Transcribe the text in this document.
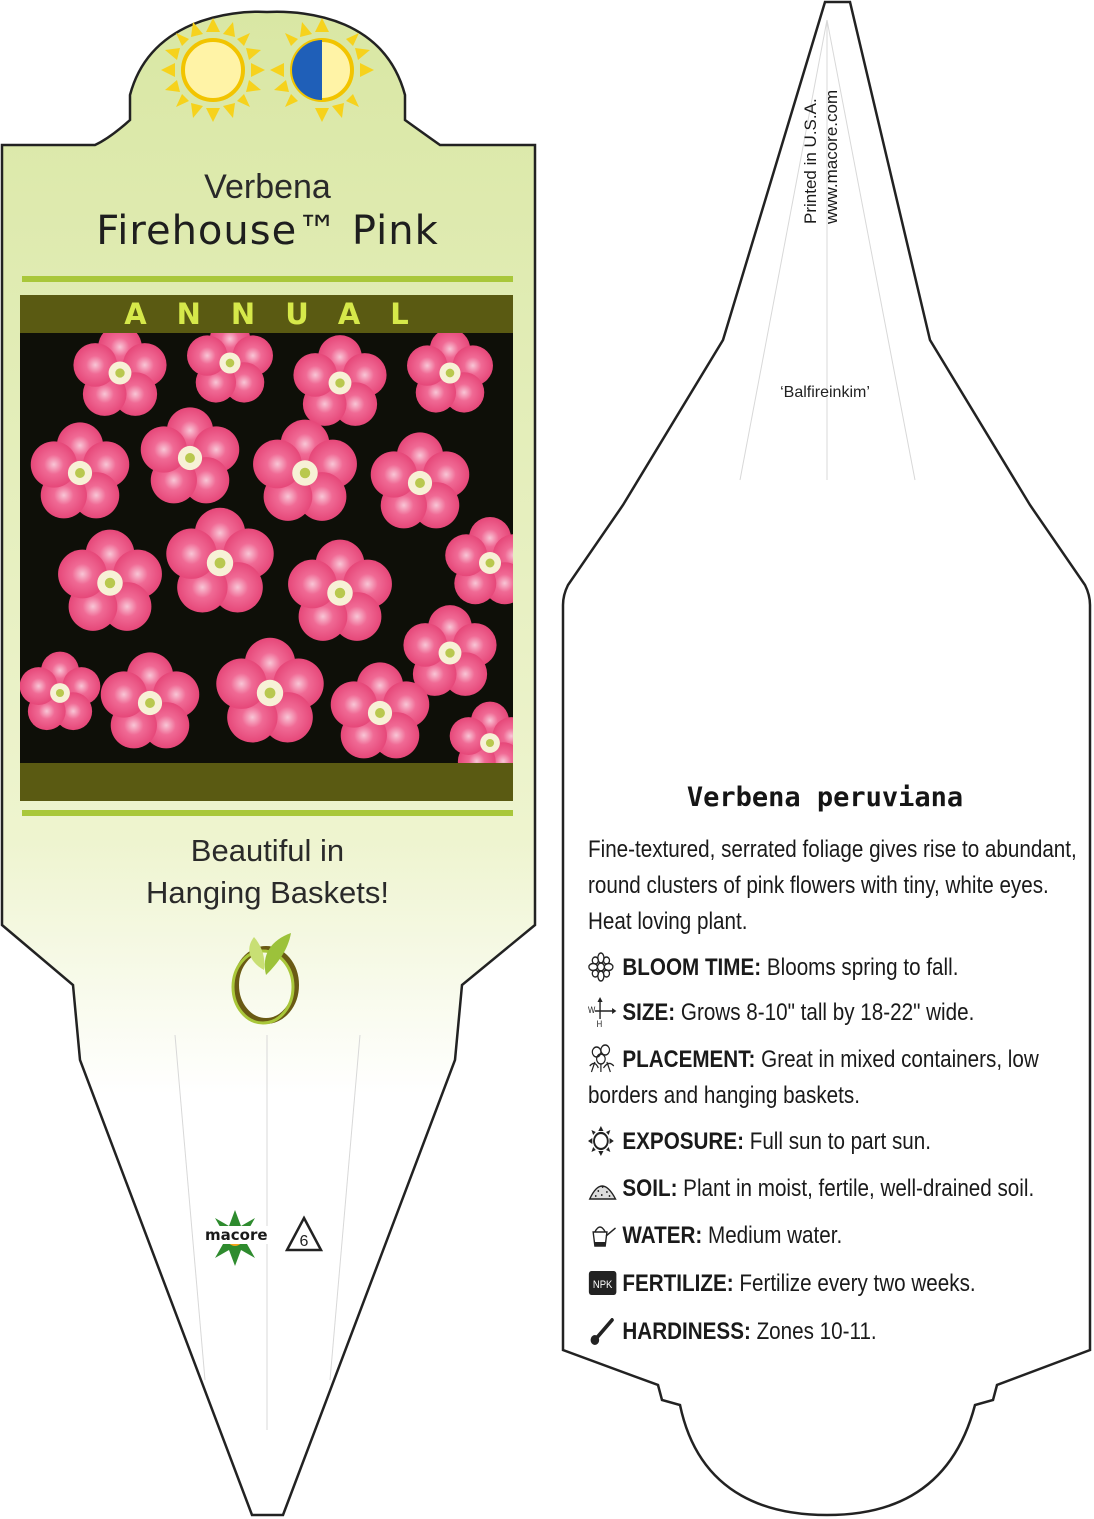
Verbena
Firehouse™ Pink
ANNUAL
Beautiful in
Hanging Baskets!
macore 6
Printed in U.S.A. www.macore.com
‘Balfireinkim’
Verbena peruviana
Fine-textured, serrated foliage gives rise to abundant, round clusters of pink flowers with tiny, white eyes. Heat loving plant.
BLOOM TIME: Blooms spring to fall.
W
H SIZE: Grows 8-10" tall by 18-22" wide.
PLACEMENT: Great in mixed containers, low borders and hanging baskets.
EXPOSURE: Full sun to part sun.
SOIL: Plant in moist, fertile, well-drained soil.
WATER: Medium water.
NPK FERTILIZE: Fertilize every two weeks.
HARDINESS: Zones 10-11.
